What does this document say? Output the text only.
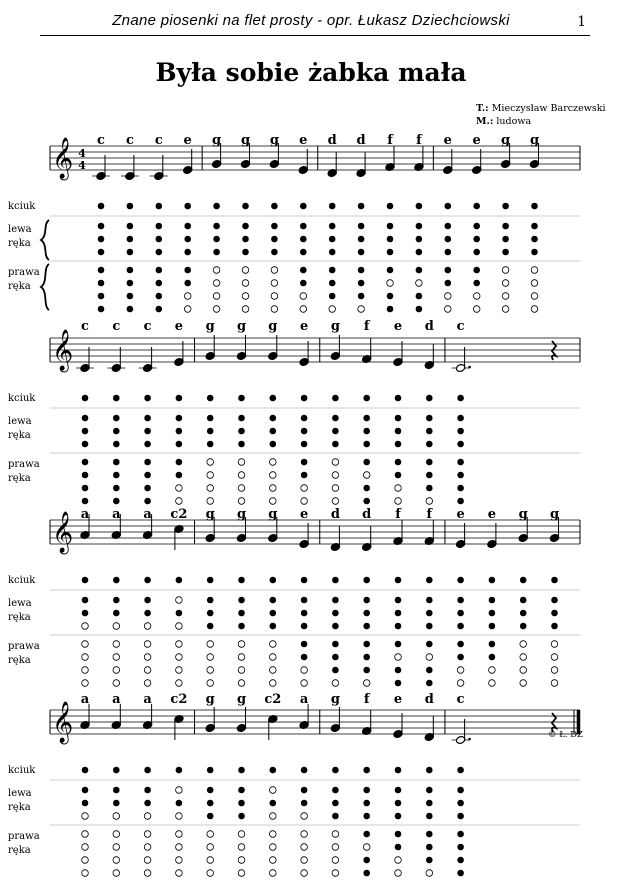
Znane piosenki na flet prosty - opr. Łukasz Dziechciowski	1
Była sobie żabka mała
T.: Mieczysław Barczewski
M.: ludowa
𝄞 4
4
kciuk
lewa
ręka
prawa
ręka
c c c e g g g e d d f f e e g g
𝄞
kciuk
lewa
ręka
prawa
ręka
c c c e g g g e g f e d c
𝄞
kciuk
lewa
ręka
prawa
ręka
a a a c2 g g g e d d f f e e g g
𝄞
kciuk
lewa
ręka
prawa
ręka
a a a c2 g g c2 a g f e d c
© Ł. DZ
